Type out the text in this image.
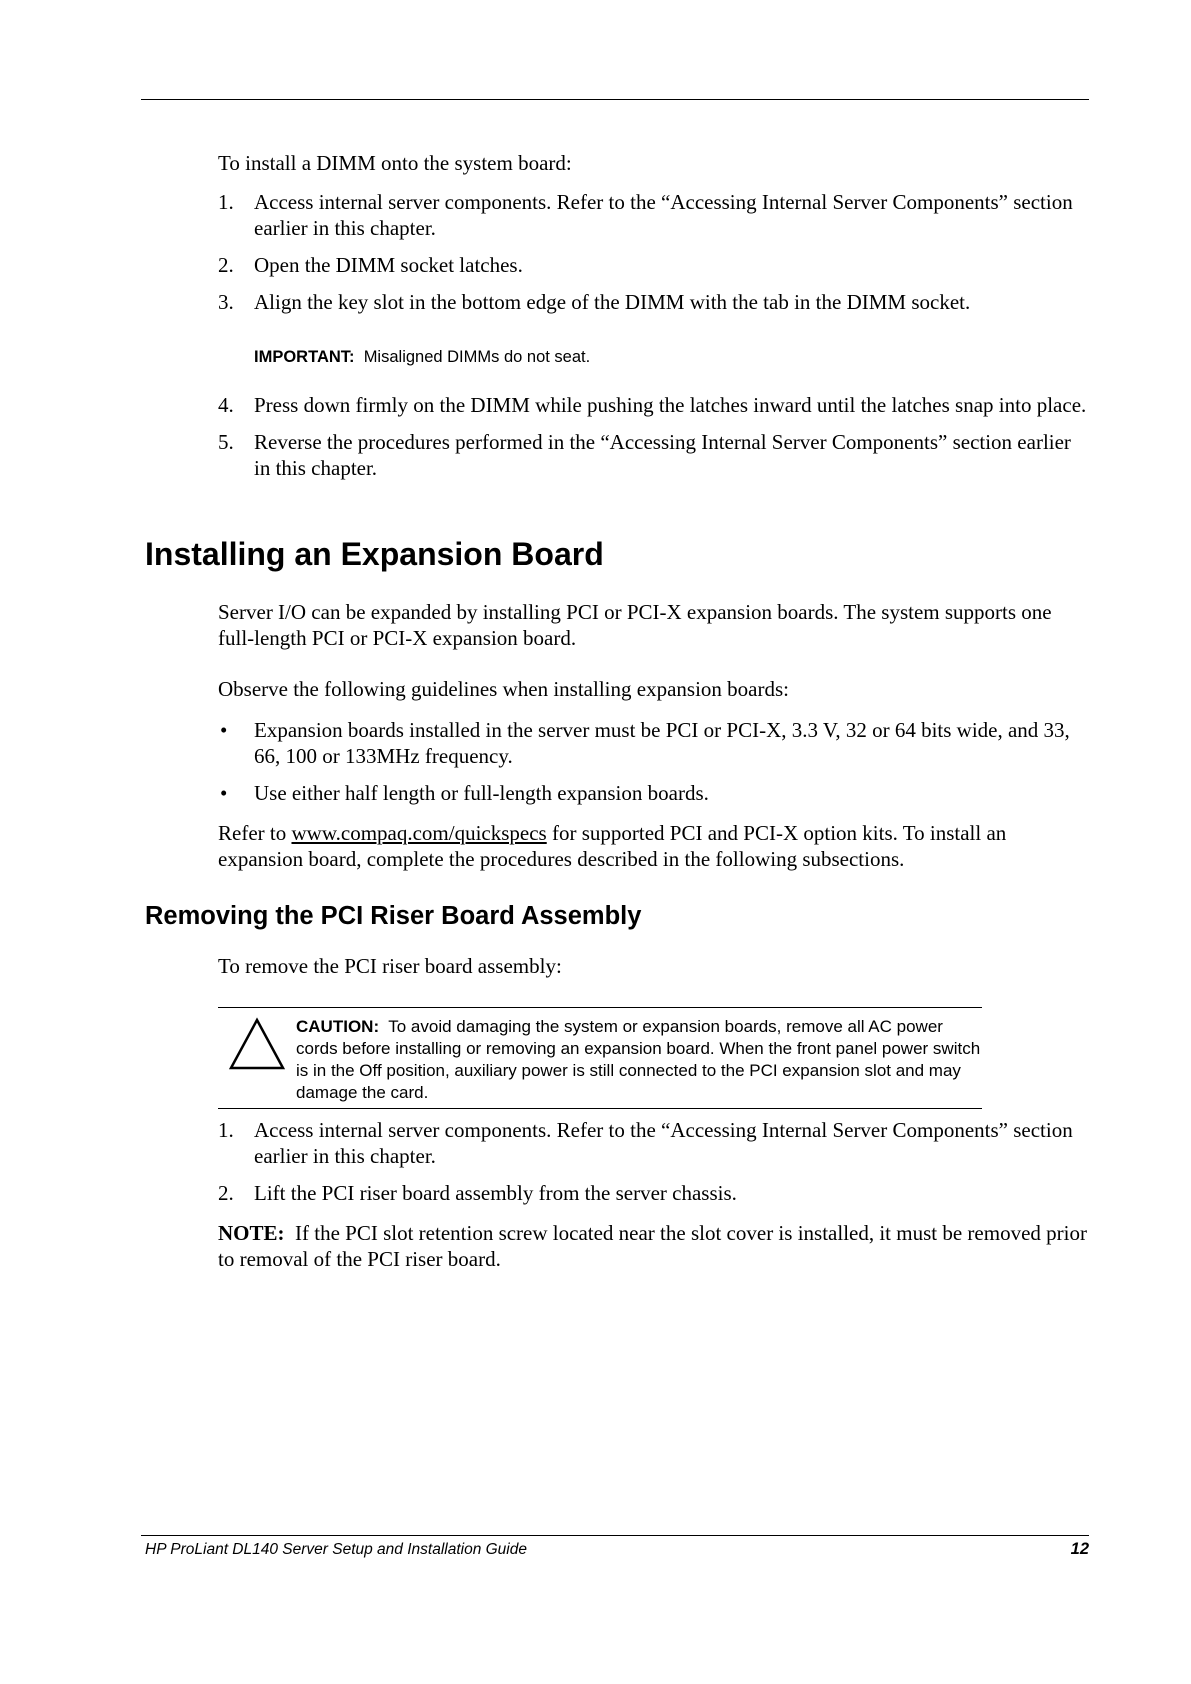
To install a DIMM onto the system board:

1. Access internal server components. Refer to the “Accessing Internal Server Components” section earlier in this chapter.
2. Open the DIMM socket latches.
3. Align the key slot in the bottom edge of the DIMM with the tab in the DIMM socket.
IMPORTANT: Misaligned DIMMs do not seat.
4. Press down firmly on the DIMM while pushing the latches inward until the latches snap into place.
5. Reverse the procedures performed in the “Accessing Internal Server Components” section earlier in this chapter.
Installing an Expansion Board

Server I/O can be expanded by installing PCI or PCI-X expansion boards. The system supports one full-length PCI or PCI-X expansion board.

Observe the following guidelines when installing expansion boards:

• Expansion boards installed in the server must be PCI or PCI-X, 3.3 V, 32 or 64 bits wide, and 33, 66, 100 or 133MHz frequency.
• Use either half length or full-length expansion boards.

Refer to www.compaq.com/quickspecs for supported PCI and PCI-X option kits. To install an expansion board, complete the procedures described in the following subsections.

Removing the PCI Riser Board Assembly

To remove the PCI riser board assembly:

CAUTION: To avoid damaging the system or expansion boards, remove all AC power cords before installing or removing an expansion board. When the front panel power switch is in the Off position, auxiliary power is still connected to the PCI expansion slot and may damage the card.
1. Access internal server components. Refer to the “Accessing Internal Server Components” section earlier in this chapter.
2. Lift the PCI riser board assembly from the server chassis.

NOTE: If the PCI slot retention screw located near the slot cover is installed, it must be removed prior to removal of the PCI riser board.

HP ProLiant DL140 Server Setup and Installation Guide	12
